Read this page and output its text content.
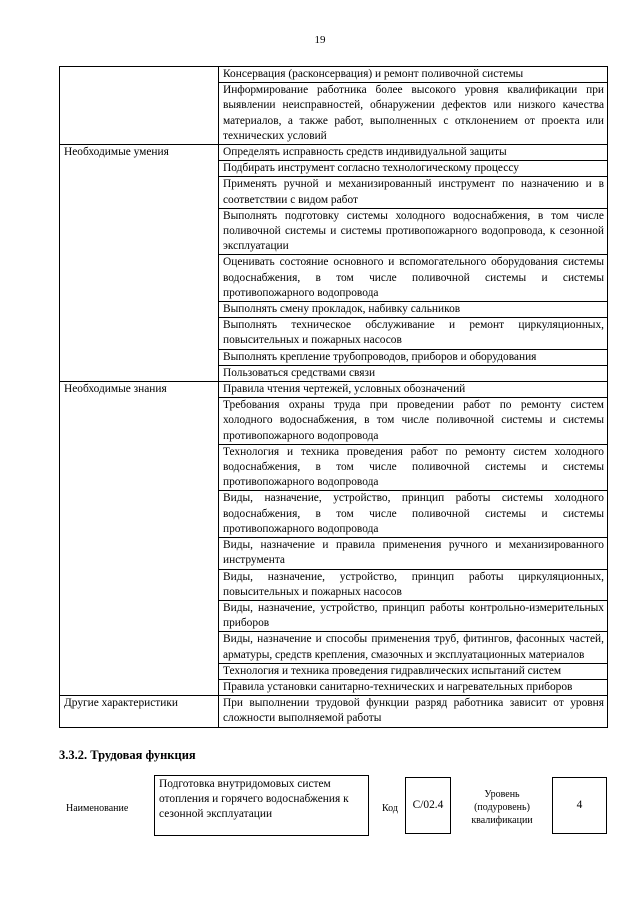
19

	Консервация (расконсервация) и ремонт поливочной системы

	Информирование работника более высокого уровня квалификации при выявлении неисправностей, обнаружении дефектов или низкого качества материалов, а также работ, выполненных с отклонением от проекта или технических условий

Необходимые умения	Определять исправность средств индивидуальной защиты

	Подбирать инструмент согласно технологическому процессу

	Применять ручной и механизированный инструмент по назначению и в соответствии с видом работ

	Выполнять подготовку системы холодного водоснабжения, в том числе поливочной системы и системы противопожарного водопровода, к сезонной эксплуатации

	Оценивать состояние основного и вспомогательного оборудования системы водоснабжения, в том числе поливочной системы и системы противопожарного водопровода

	Выполнять смену прокладок, набивку сальников

	Выполнять техническое обслуживание и ремонт циркуляционных, повысительных и пожарных насосов

	Выполнять крепление трубопроводов, приборов и оборудования

	Пользоваться средствами связи

Необходимые знания	Правила чтения чертежей, условных обозначений

	Требования охраны труда при проведении работ по ремонту систем холодного водоснабжения, в том числе поливочной системы и системы противопожарного водопровода

	Технология и техника проведения работ по ремонту систем холодного водоснабжения, в том числе поливочной системы и системы противопожарного водопровода

	Виды, назначение, устройство, принцип работы системы холодного водоснабжения, в том числе поливочной системы и системы противопожарного водопровода

	Виды, назначение и правила применения ручного и механизированного инструмента

	Виды, назначение, устройство, принцип работы циркуляционных, повысительных и пожарных насосов

	Виды, назначение, устройство, принцип работы контрольно-измерительных приборов

	Виды, назначение и способы применения труб, фитингов, фасонных частей, арматуры, средств крепления, смазочных и эксплуатационных материалов

	Технология и техника проведения гидравлических испытаний систем

	Правила установки санитарно-технических и нагревательных приборов

Другие характеристики	При выполнении трудовой функции разряд работника зависит от уровня сложности выполняемой работы
3.3.2. Трудовая функция
Наименование
Подготовка внутридомовых систем отопления и горячего водоснабжения к сезонной эксплуатации	Код C/02.4
Уровень
(подуровень)
квалификации
4
